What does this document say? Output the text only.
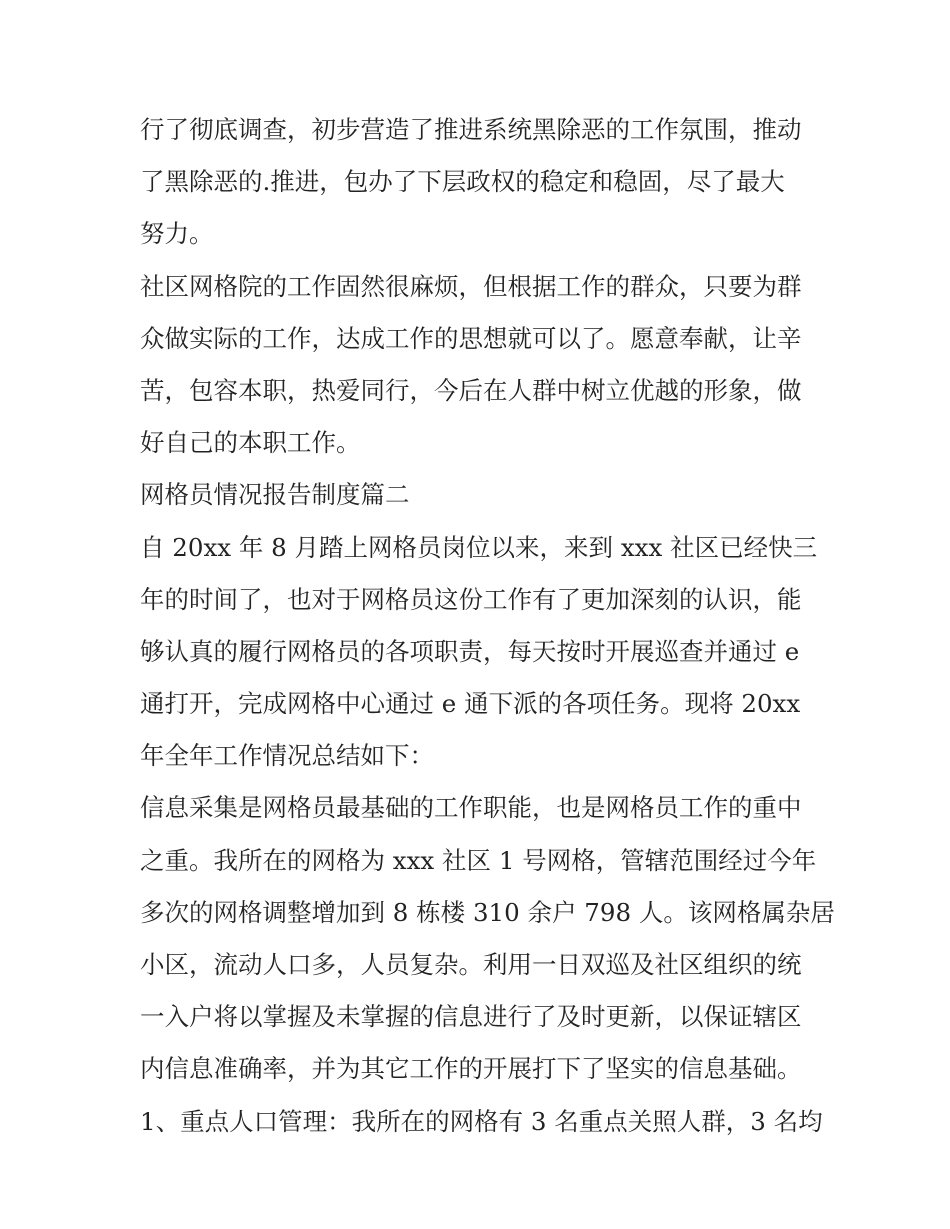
行了彻底调查，初步营造了推进系统黑除恶的工作氛围，推动
了黑除恶的.推进，包办了下层政权的稳定和稳固，尽了最大
努力。
社区网格院的工作固然很麻烦，但根据工作的群众，只要为群
众做实际的工作，达成工作的思想就可以了。愿意奉献，让辛
苦，包容本职，热爱同行，今后在人群中树立优越的形象，做
好自己的本职工作。
网格员情况报告制度篇二
自 20xx 年 8 月踏上网格员岗位以来，来到 xxx 社区已经快三
年的时间了，也对于网格员这份工作有了更加深刻的认识，能
够认真的履行网格员的各项职责，每天按时开展巡查并通过 e
通打开，完成网格中心通过 e 通下派的各项任务。现将 20xx
年全年工作情况总结如下：
信息采集是网格员最基础的工作职能，也是网格员工作的重中
之重。我所在的网格为 xxx 社区 1 号网格，管辖范围经过今年
多次的网格调整增加到 8 栋楼 310 余户 798 人。该网格属杂居
小区，流动人口多，人员复杂。利用一日双巡及社区组织的统
一入户将以掌握及未掌握的信息进行了及时更新，以保证辖区
内信息准确率，并为其它工作的开展打下了坚实的信息基础。
1、重点人口管理：我所在的网格有 3 名重点关照人群，3 名均
